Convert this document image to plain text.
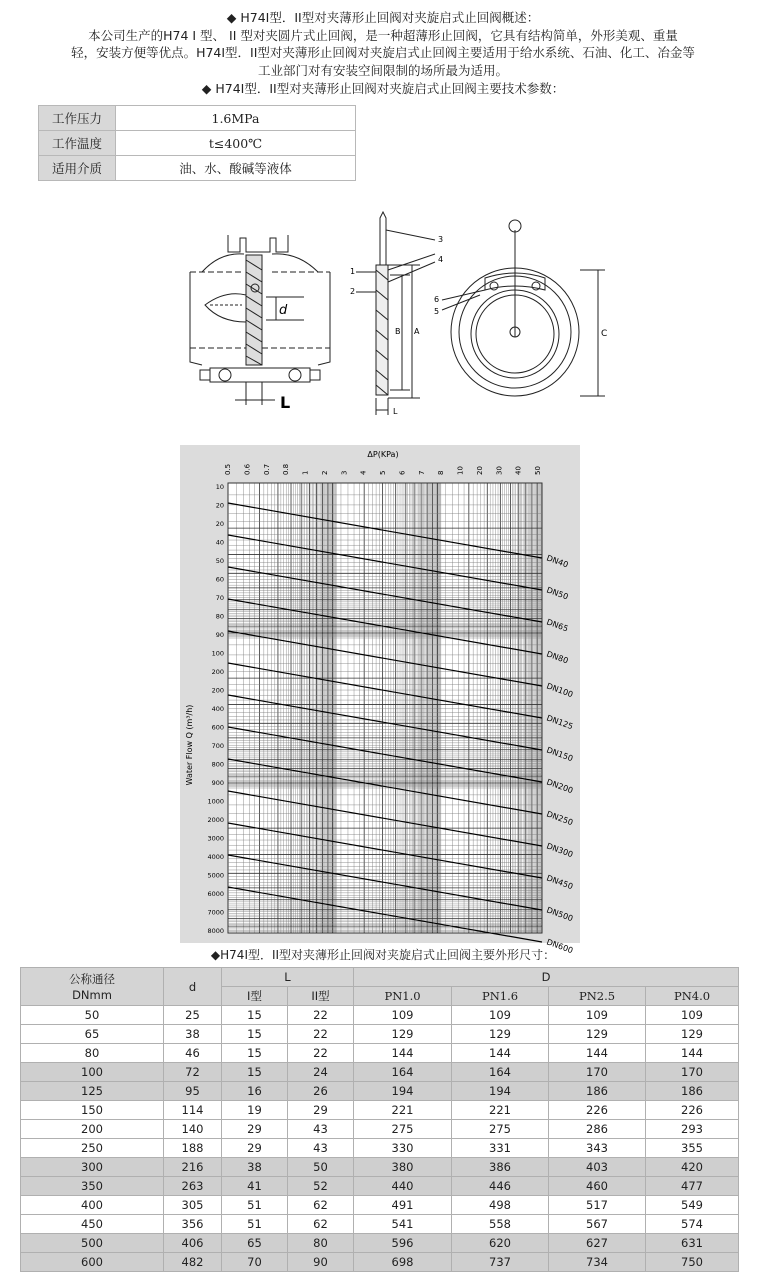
◆ H74I型．II型对夹薄形止回阀对夹旋启式止回阀概述：
本公司生产的H74 I 型、 II 型对夹圆片式止回阀，是一种超薄形止回阀，它具有结构简单，外形美观、重量
轻，安装方便等优点。H74I型．II型对夹薄形止回阀对夹旋启式止回阀主要适用于给水系统、石油、化工、冶金等
工业部门对有安装空间限制的场所最为适用。
◆ H74I型．II型对夹薄形止回阀对夹旋启式止回阀主要技术参数：
工作压力	1.6MPa
工作温度	t≤400℃
适用介质	油、水、酸碱等液体
d
L
3
4
1
2
A
B
L
6
5
C
ΔP(KPa)
Water Flow Q (m³/h)
0.5 0.6 0.7 0.8 1 2 3 4 5 6 7 8 10 20 30 40 50
10
20
20
40
50
60
70
80
90
100
200
200
400
600
700
800
900
1000
2000
3000
4000
5000
6000
7000
8000
DN40
DN50
DN65
DN80
DN100
DN125
DN150
DN200
DN250
DN300
DN450
DN500
DN600
◆H74I型．II型对夹薄形止回阀对夹旋启式止回阀主要外形尺寸：
公称通径
DNmm	d	L		D			
		I型	II型	PN1.0	PN1.6	PN2.5	PN4.0
50	25	15	22	109	109	109	109
65	38	15	22	129	129	129	129
80	46	15	22	144	144	144	144
100	72	15	24	164	164	170	170
125	95	16	26	194	194	186	186
150	114	19	29	221	221	226	226
200	140	29	43	275	275	286	293
250	188	29	43	330	331	343	355
300	216	38	50	380	386	403	420
350	263	41	52	440	446	460	477
400	305	51	62	491	498	517	549
450	356	51	62	541	558	567	574
500	406	65	80	596	620	627	631
600	482	70	90	698	737	734	750
